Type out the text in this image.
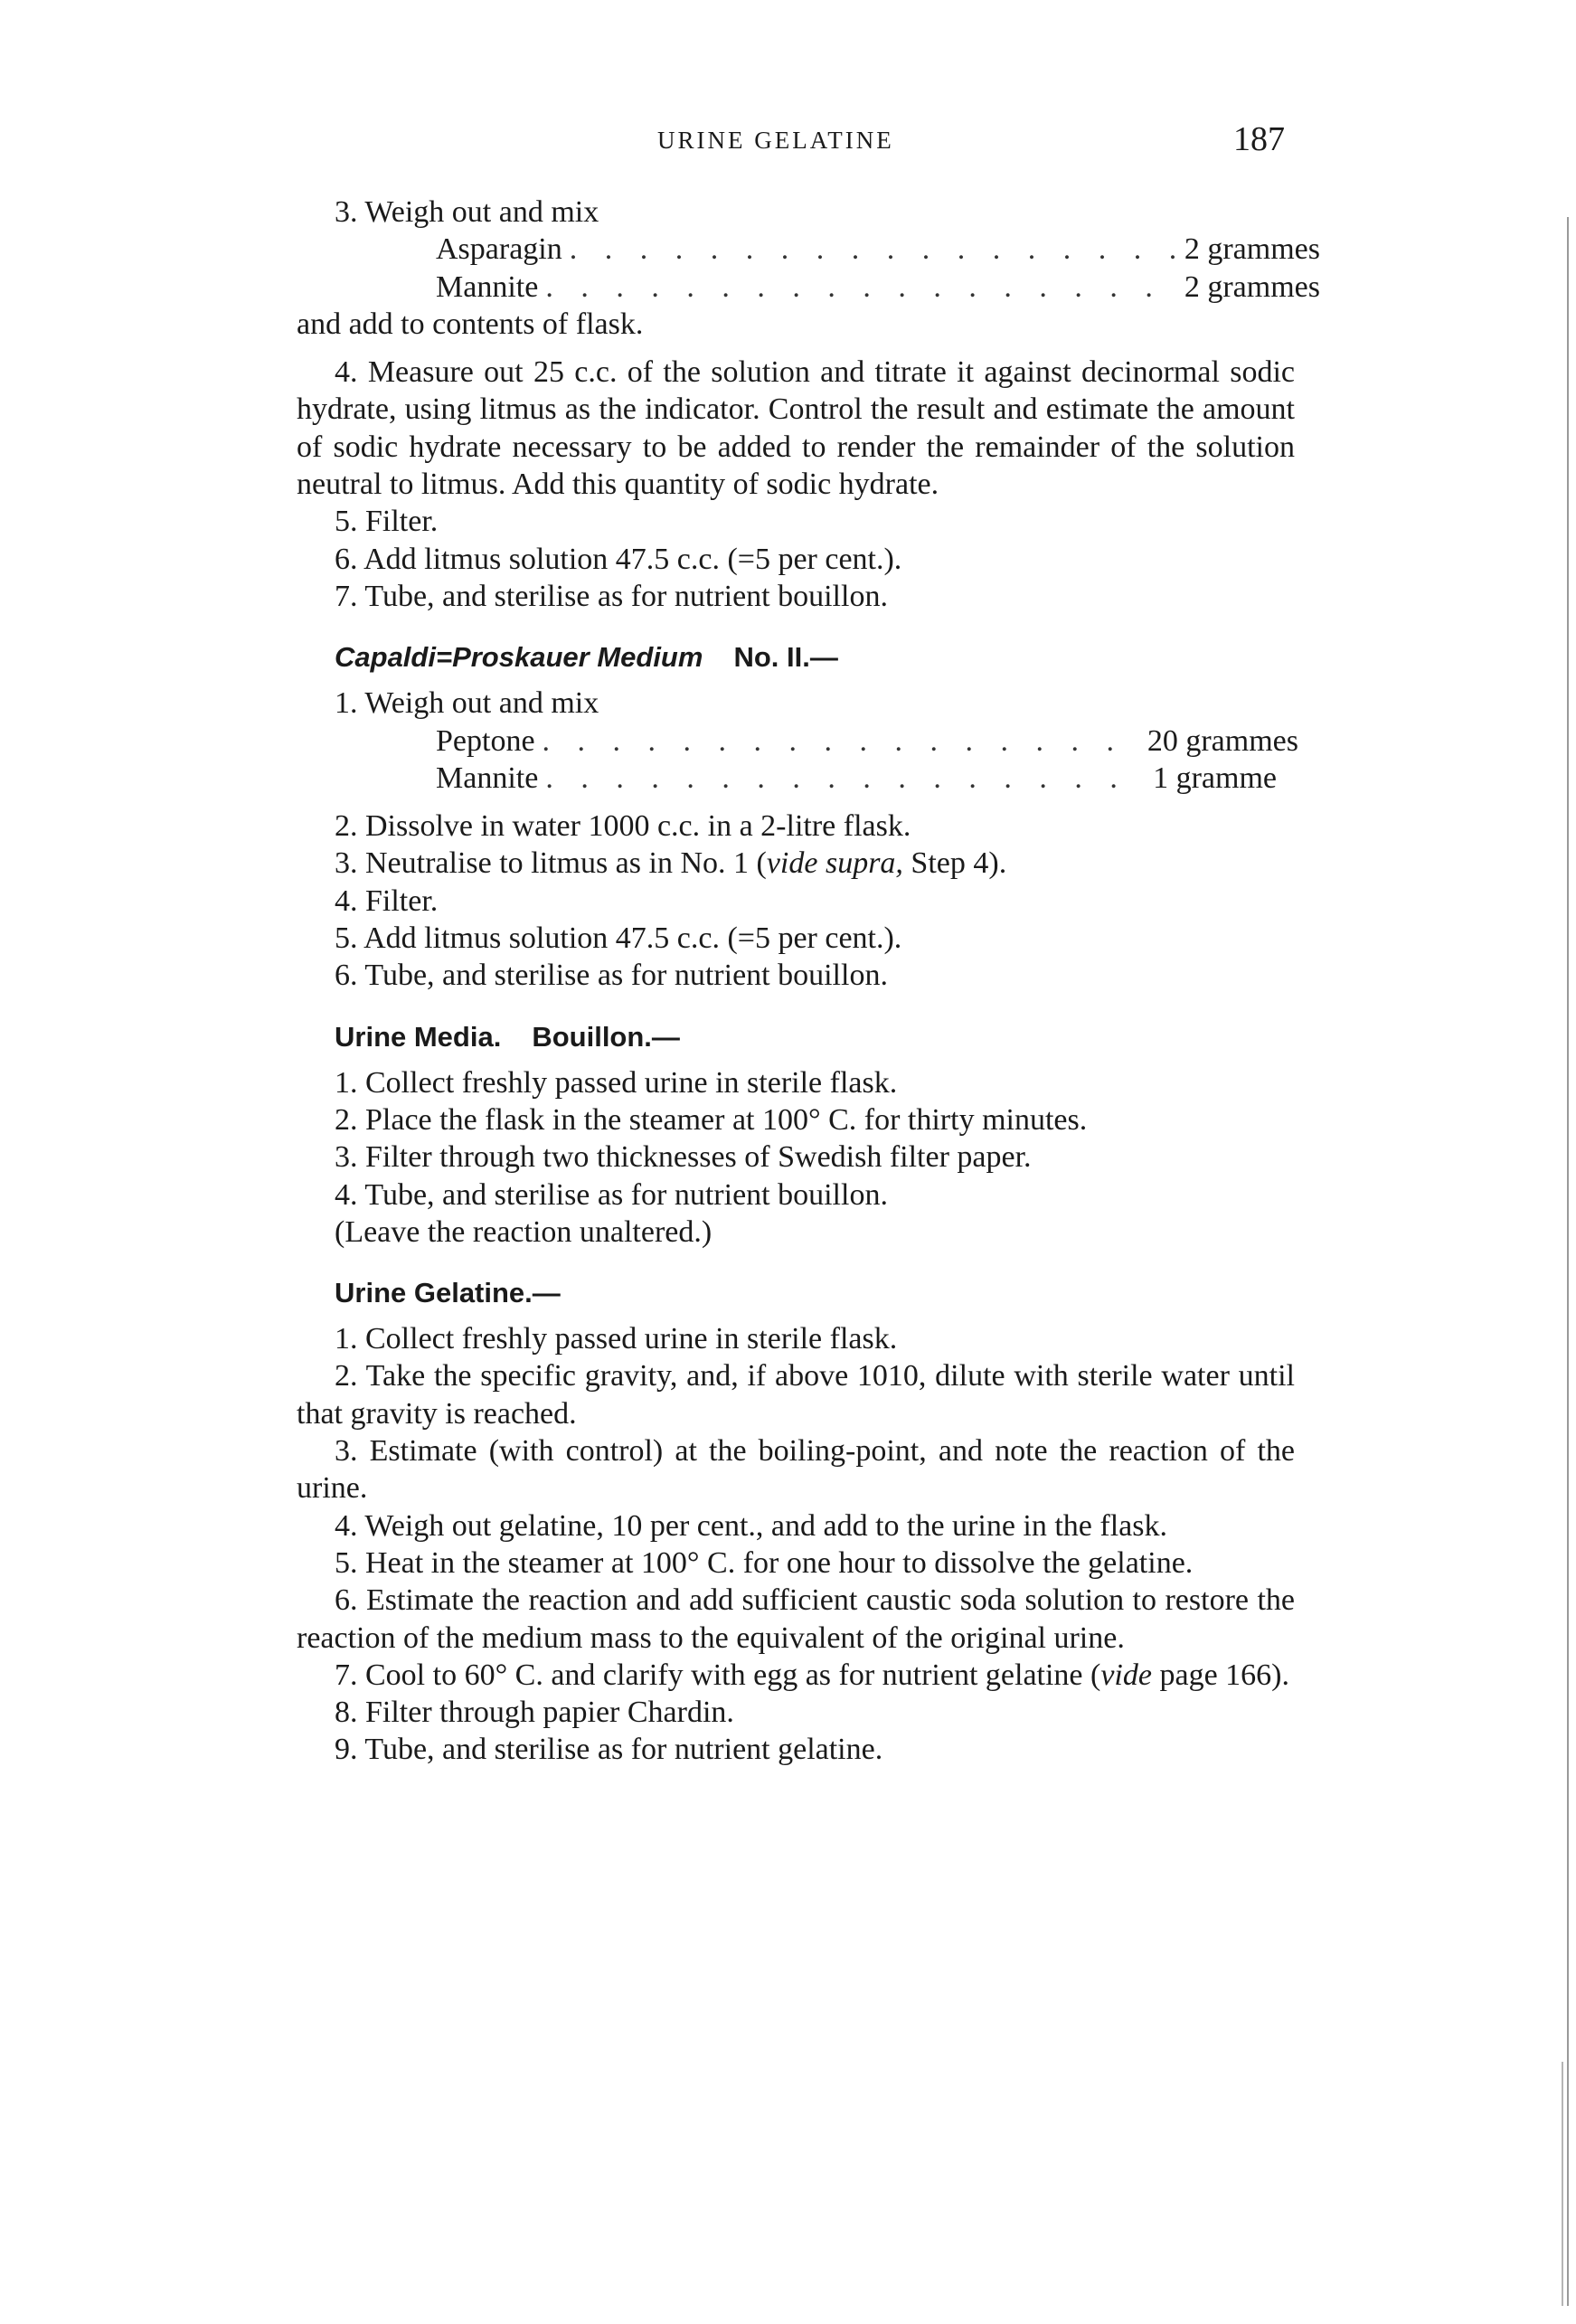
URINE GELATINE	187

3. Weigh out and mix

Asparagin . . .	2 grammes
Mannite . . .	2 grammes

and add to contents of flask.

4. Measure out 25 c.c. of the solution and titrate it against decinormal sodic hydrate, using litmus as the indicator. Control the result and estimate the amount of sodic hydrate necessary to be added to render the remainder of the solution neutral to litmus. Add this quantity of sodic hydrate.

5. Filter.

6. Add litmus solution 47.5 c.c. (=5 per cent.).

7. Tube, and sterilise as for nutrient bouillon.

Capaldi=Proskauer Medium No. II.—

1. Weigh out and mix

Peptone . . .	20 grammes
Mannite . . .	1 gramme

2. Dissolve in water 1000 c.c. in a 2-litre flask.

3. Neutralise to litmus as in No. 1 (vide supra, Step 4).

4. Filter.

5. Add litmus solution 47.5 c.c. (=5 per cent.).

6. Tube, and sterilise as for nutrient bouillon.

Urine Media. Bouillon.—

1. Collect freshly passed urine in sterile flask.

2. Place the flask in the steamer at 100° C. for thirty minutes.

3. Filter through two thicknesses of Swedish filter paper.

4. Tube, and sterilise as for nutrient bouillon.

(Leave the reaction unaltered.)

Urine Gelatine.—

1. Collect freshly passed urine in sterile flask.

2. Take the specific gravity, and, if above 1010, dilute with sterile water until that gravity is reached.

3. Estimate (with control) at the boiling-point, and note the reaction of the urine.

4. Weigh out gelatine, 10 per cent., and add to the urine in the flask.

5. Heat in the steamer at 100° C. for one hour to dissolve the gelatine.

6. Estimate the reaction and add sufficient caustic soda solution to restore the reaction of the medium mass to the equivalent of the original urine.

7. Cool to 60° C. and clarify with egg as for nutrient gelatine (vide page 166).

8. Filter through papier Chardin.

9. Tube, and sterilise as for nutrient gelatine.
